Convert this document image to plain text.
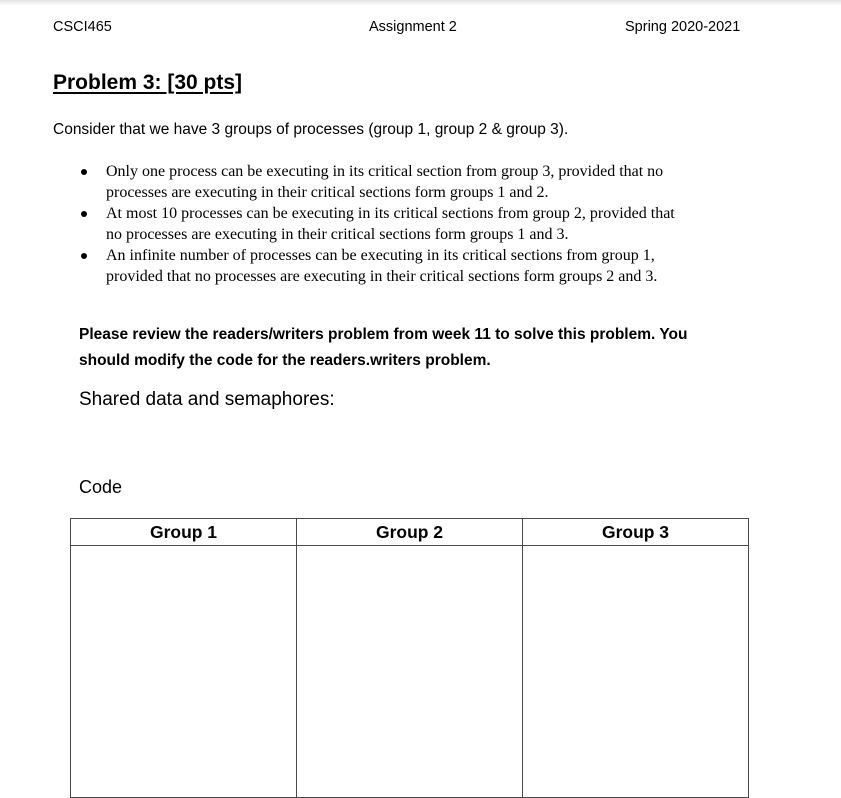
CSCI465	Assignment 2	Spring 2020-2021
Problem 3: [30 pts]

Consider that we have 3 groups of processes (group 1, group 2 & group 3).

Only one process can be executing in its critical section from group 3, provided that no
processes are executing in their critical sections form groups 1 and 2.
At most 10 processes can be executing in its critical sections from group 2, provided that
no processes are executing in their critical sections form groups 1 and 3.
An infinite number of processes can be executing in its critical sections from group 1,
provided that no processes are executing in their critical sections form groups 2 and 3.

Please review the readers/writers problem from week 11 to solve this problem. You
should modify the code for the readers.writers problem.

Shared data and semaphores:

Code

Group 1	Group 2	Group 3
